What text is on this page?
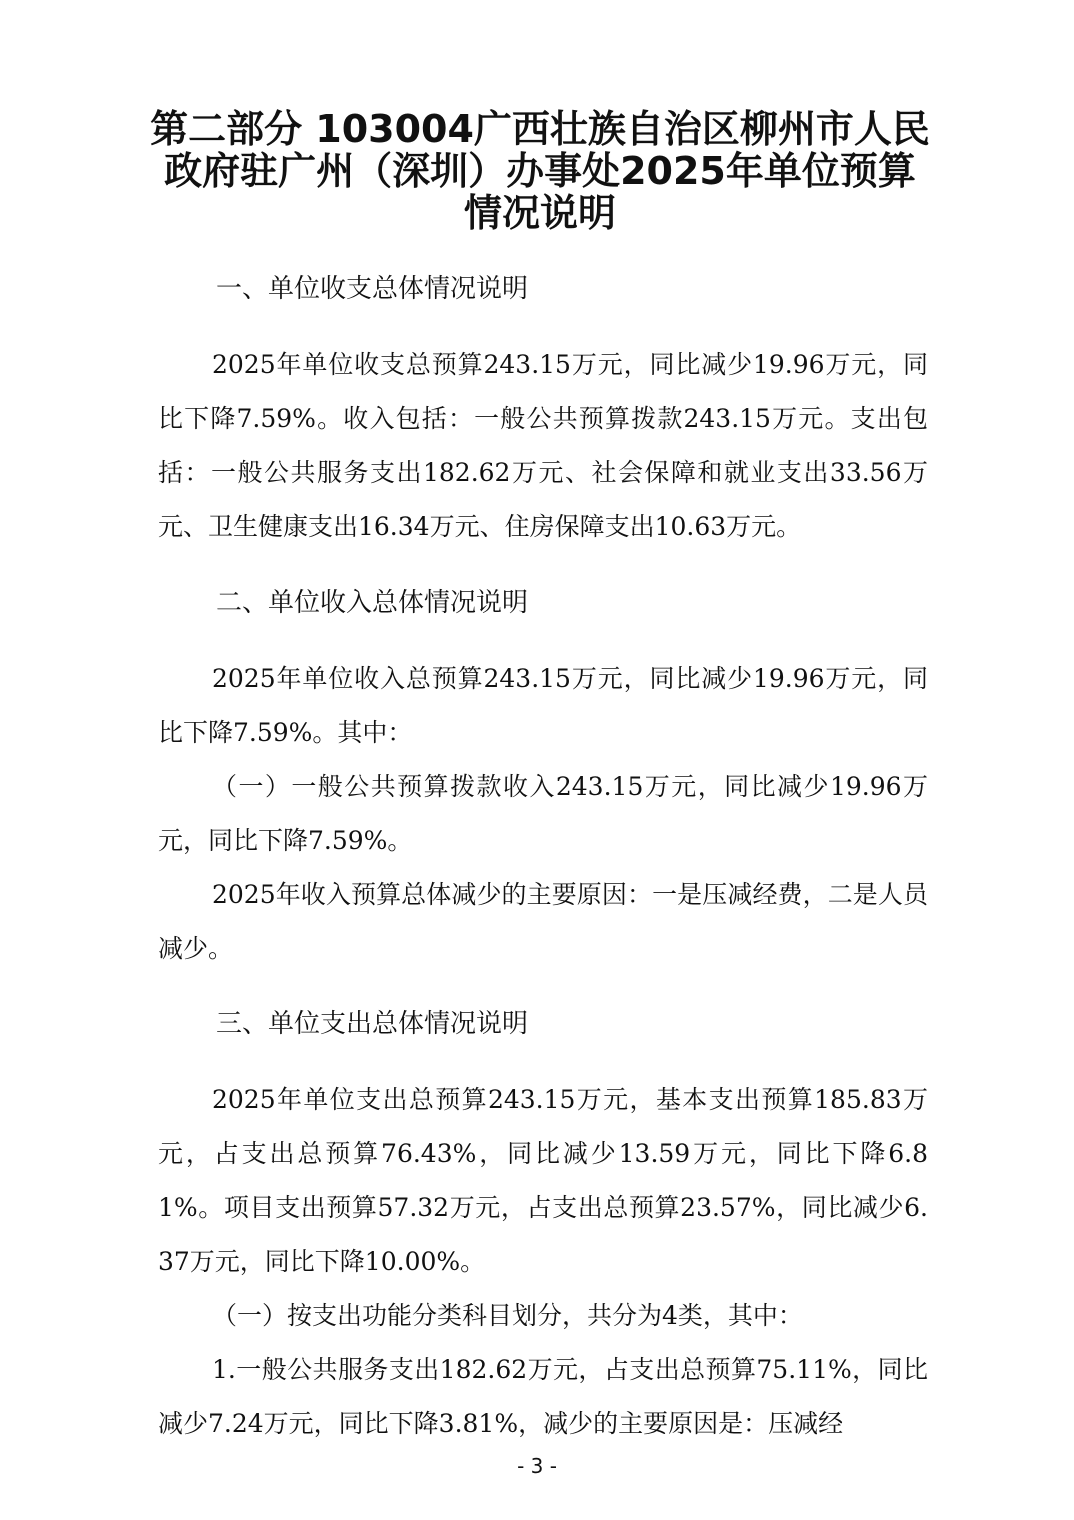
第二部分 103004广西壮族自治区柳州市人民政府驻广州（深圳）办事处2025年单位预算情况说明
一、单位收支总体情况说明

2025年单位收支总预算243.15万元，同比减少19.96万元，同比下降7.59%。收入包括：一般公共预算拨款243.15万元。支出包括：一般公共服务支出182.62万元、社会保障和就业支出33.56万元、卫生健康支出16.34万元、住房保障支出10.63万元。

二、单位收入总体情况说明

2025年单位收入总预算243.15万元，同比减少19.96万元，同比下降7.59%。其中：

（一）一般公共预算拨款收入243.15万元，同比减少19.96万元，同比下降7.59%。

2025年收入预算总体减少的主要原因：一是压减经费，二是人员减少。

三、单位支出总体情况说明

2025年单位支出总预算243.15万元，基本支出预算185.83万元，占支出总预算76.43%，同比减少13.59万元，同比下降6.81%。项目支出预算57.32万元，占支出总预算23.57%，同比减少6.37万元，同比下降10.00%。

（一）按支出功能分类科目划分，共分为4类，其中：

1.一般公共服务支出182.62万元，占支出总预算75.11%，同比减少7.24万元，同比下降3.81%，减少的主要原因是：压减经

- 3 -
